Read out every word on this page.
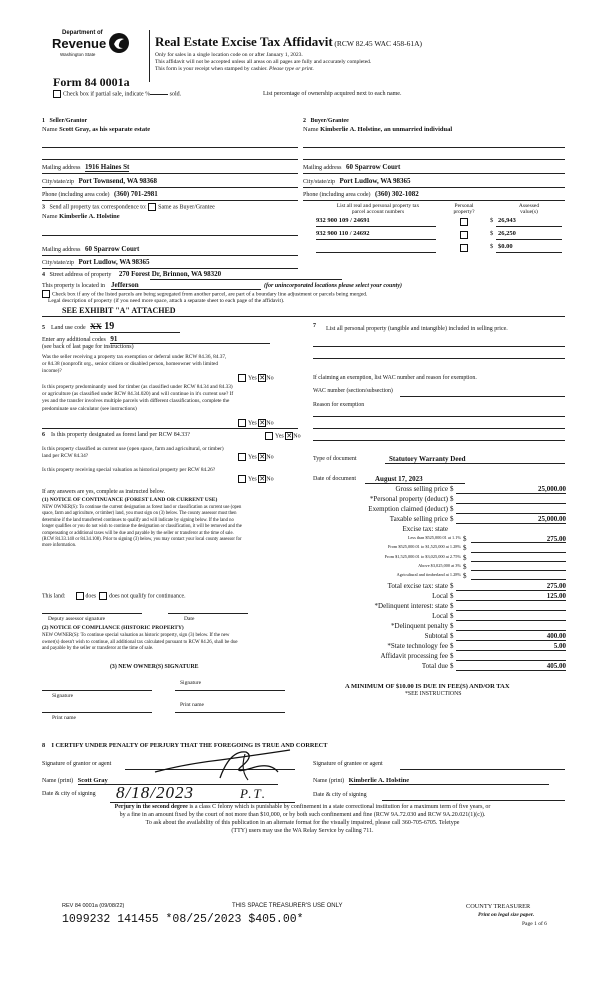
Department of
Revenue
Washington State
Form 84 0001a
Check box if partial sale, indicate %	sold.
Real Estate Excise Tax Affidavit (RCW 82.45 WAC 458-61A)
Only for sales in a single location code on or after January 1, 2023.
This affidavit will not be accepted unless all areas on all pages are fully and accurately completed.
This form is your receipt when stamped by cashier. Please type or print.
List percentage of ownership acquired next to each name.
1 Seller/Grantor
Name Scott Gray, as his separate estate
2 Buyer/Grantee
Name Kimberlie A. Holstine, an unmarried individual
Mailing address 1916 Haines St
City/state/zip Port Townsend, WA 98368
Phone (including area code) (360) 701-2981
Mailing address 60 Sparrow Court
City/state/zip Port Ludlow, WA 98365
Phone (including area code) (360) 302-1082
3 Send all property tax correspondence to: Same as Buyer/Grantee
Name Kimberlie A. Holstine
Mailing address 60 Sparrow Court
City/state/zip Port Ludlow, WA 98365
List all real and personal property tax
parcel account numbers
Personal
property?
Assessed
value(s)
932 900 109 / 24691	$ 26,943
932 900 110 / 24692	$ 26,250
$ $0.00
4 Street address of property 270 Forest Dr, Brinnon, WA 98320
This property is located in Jefferson	(for unincorporated locations please select your county)
Check box if any of the listed parcels are being segregated from another parcel, are part of a boundary line adjustment or parcels being merged.
Legal description of property (if you need more space, attach a separate sheet to each page of the affidavit).
SEE EXHIBIT "A" ATTACHED
5 Land use code XX 19
Enter any additional codes 91
(see back of last page for instructions)
Was the seller receiving a property tax exemption or deferral under RCW 84.36, 84.37, or 84.38 (nonprofit org., senior citizen or disabled person, homeowner with limited income)?
Yes ✕No
Is this property predominantly used for timber (as classified under RCW 84.34 and 84.33) or agriculture (as classified under RCW 84.34.020) and will continue in it's current use? If yes and the transfer involves multiple parcels with different classifications, complete the predominate use calculator (see instructions)
Yes ✕No
6 Is this property designated as forest land per RCW 84.33?	Yes ✕No
Is this property classified as current use (open space, farm and agricultural, or timber) land per RCW 84.34?	Yes ✕No
Is this property receiving special valuation as historical property per RCW 84.26?
Yes ✕No
If any answers are yes, complete as instructed below.
(1) NOTICE OF CONTINUANCE (FOREST LAND OR CURRENT USE)
NEW OWNER(S): To continue the current designation as forest land or classification as current use (open space, farm and agriculture, or timber) land, you must sign on (3) below. The county assessor must then determine if the land transferred continues to qualify and will indicate by signing below. If the land no longer qualifies or you do not wish to continue the designation or classification, it will be removed and the compensating or additional taxes will be due and payable by the seller or transferor at the time of sale. (RCW 84.33.140 or 84.34.108). Prior to signing (3) below, you may contact your local county assessor for more information.
This land:	does does not qualify for continuance.
Deputy assessor signature	Date
(2) NOTICE OF COMPLIANCE (HISTORIC PROPERTY)
NEW OWNER(S): To continue special valuation as historic property, sign (3) below. If the new owner(s) doesn't wish to continue, all additional tax calculated pursuant to RCW 84.26, shall be due and payable by the seller or transferor at the time of sale.
(3) NEW OWNER(S) SIGNATURE
Signature
Signature
Print name
Print name
7	List all personal property (tangible and intangible) included in selling price.
If claiming an exemption, list WAC number and reason for exemption.
WAC number (section/subsection)
Reason for exemption
Type of document	Statutory Warranty Deed
Date of document	August 17, 2023
Gross selling price $	25,000.00
*Personal property (deduct) $
Exemption claimed (deduct) $
Taxable selling price $	25,000.00
Excise tax: state
Less than $525,000.01 at 1.1% $	275.00
From $525,000.01 to $1,525,000 at 1.28% $
From $1,525,000.01 to $3,025,000 at 2.75% $
Above $3,025,000 at 3% $
Agricultural and timberland at 1.28% $
Total excise tax: state $	275.00
Local $	125.00
*Delinquent interest: state $
Local $
*Delinquent penalty $
Subtotal $	400.00
*State technology fee $	5.00
Affidavit processing fee $
Total due $	405.00
A MINIMUM OF $10.00 IS DUE IN FEE(S) AND/OR TAX
*SEE INSTRUCTIONS
8 I CERTIFY UNDER PENALTY OF PERJURY THAT THE FOREGOING IS TRUE AND CORRECT
Signature of grantor or agent
Name (print) Scott Gray
Date & city of signing 8/18/2023	P.T.
Signature of grantee or agent
Name (print) Kimberlie A. Holstine
Date & city of signing
Perjury in the second degree is a class C felony which is punishable by confinement in a state correctional institution for a maximum term of five years, or
by a fine in an amount fixed by the court of not more than $10,000, or by both such confinement and fine (RCW 9A.72.030 and RCW 9A.20.021(1)(c)).
To ask about the availability of this publication in an alternate format for the visually impaired, please call 360-705-6705. Teletype
(TTY) users may use the WA Relay Service by calling 711.
REV 84 0001a (09/08/22)	THIS SPACE TREASURER'S USE ONLY	COUNTY TREASURER
1099232 141455 *08/25/2023 $405.00*	Print on legal size paper.
Page 1 of 6
